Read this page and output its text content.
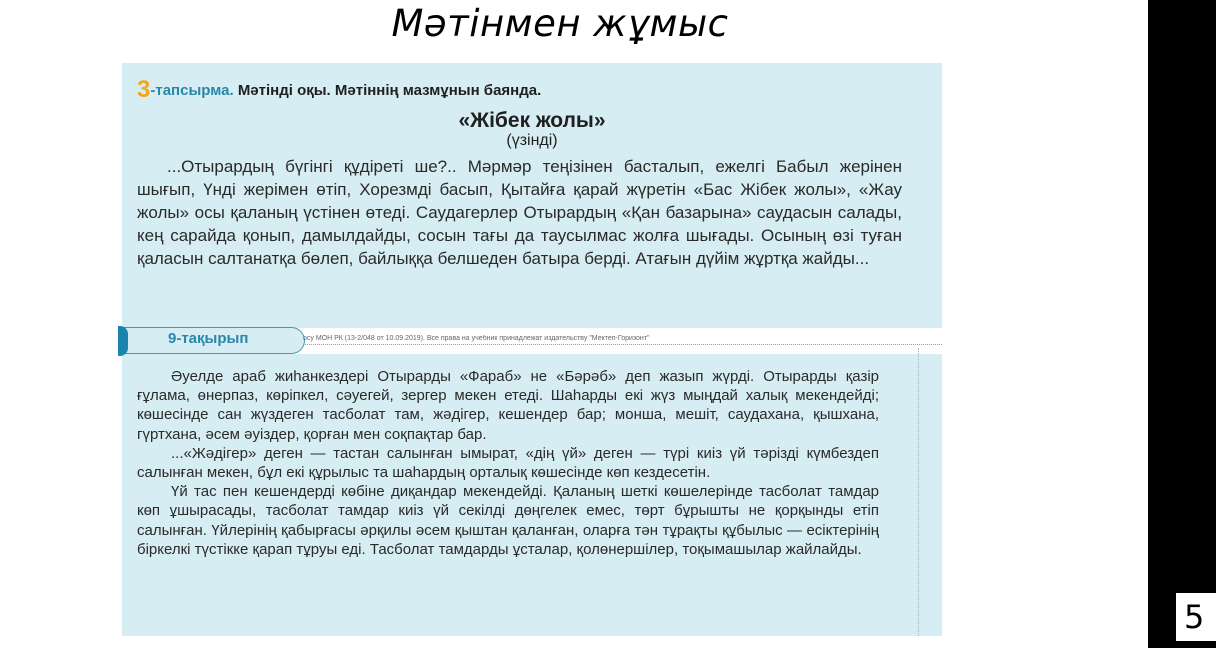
Мәтінмен жұмыс
5
3-тапсырма. Мәтінді оқы. Мәтіннің мазмұнын баянда.
«Жібек жолы»
(үзінді)

...Отырардың бүгінгі құдіреті ше?.. Мәрмәр теңізінен басталып, ежелгі Бабыл жерінен шығып, Үнді жерімен өтіп, Хорезмді басып, Қытайға қарай жүретін «Бас Жібек жолы», «Жау жолы» осы қаланың үстінен өтеді. Саудагерлер Отырардың «Қан базарына» саудасын салады, кең сарайда қонып, дамылдайды, сосын тағы да таусылмас жолға шығады. Осының өзі туған қаласын салтанатқа бөлеп, байлыққа белшеден батыра берді. Атағын дүйім жұртқа жайды...

9-тақырып	осу МОН РК (13-2/048 от 10.09.2019). Все права на учебник принадлежат издательству "Мектеп-Горизонт"

Әуелде араб жиһанкездері Отырарды «Фараб» не «Бәрәб» деп жазып жүрді. Отырарды қазір ғұлама, өнерпаз, көріпкел, сәуегей, зергер мекен етеді. Шаһарды екі жүз мыңдай халық мекендейді; көшесінде сан жүздеген тасболат там, жәдігер, кешендер бар; монша, мешіт, саудахана, қышхана, гүртхана, әсем әуіздер, қорған мен соқпақтар бар.

...«Жәдігер» деген — тастан салынған ымырат, «дің үй» деген — түрі киіз үй тәрізді күмбездеп салынған мекен, бұл екі құрылыс та шаһардың орталық көшесінде көп кездесетін.

Үй тас пен кешендерді көбіне диқандар мекендейді. Қаланың шеткі көшелерінде тасболат тамдар көп ұшырасады, тасболат тамдар киіз үй секілді дөңгелек емес, төрт бұрышты не қорқынды етіп салынған. Үйлерінің қабырғасы әрқилы әсем қыштан қаланған, оларға тән тұрақты құбылыс — есіктерінің біркелкі түстікке қарап тұруы еді. Тасболат тамдарды ұсталар, қолөнершілер, тоқымашылар жайлайды.
